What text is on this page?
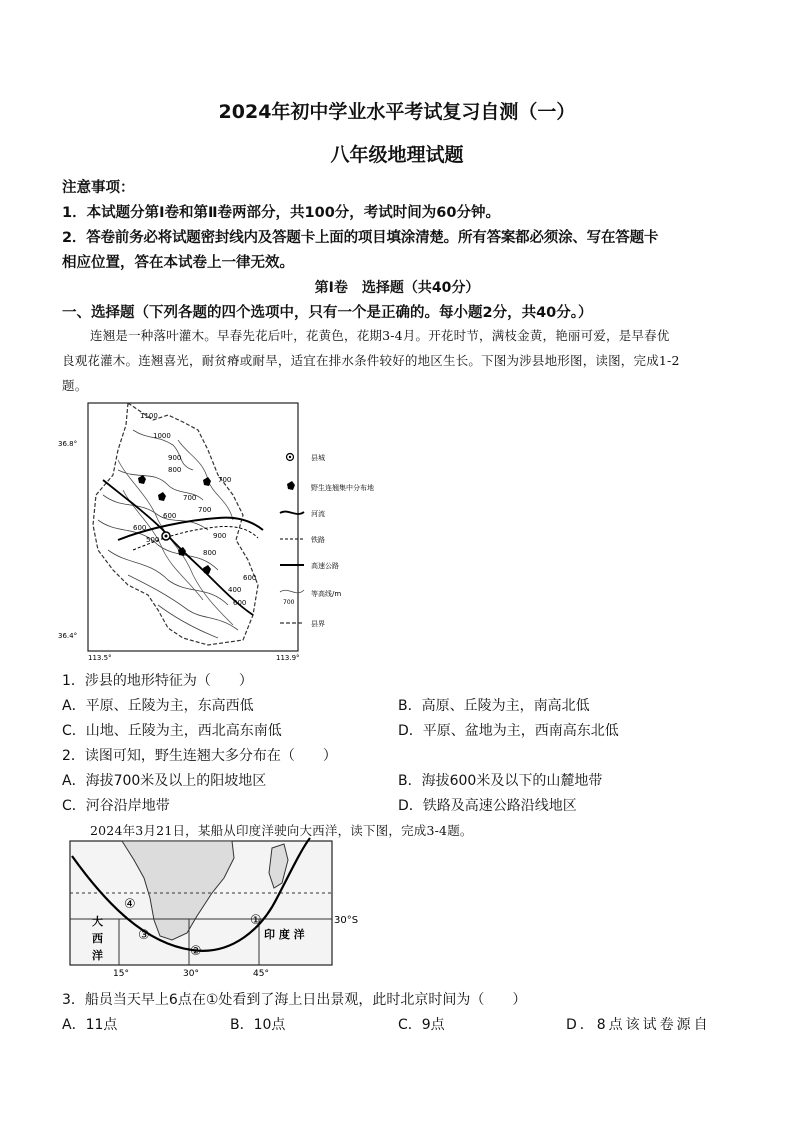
2024年初中学业水平考试复习自测（一）
八年级地理试题
注意事项：
1．本试题分第Ⅰ卷和第Ⅱ卷两部分，共100分，考试时间为60分钟。
2．答卷前务必将试题密封线内及答题卡上面的项目填涂清楚。所有答案都必须涂、写在答题卡
相应位置，答在本试卷上一律无效。
第Ⅰ卷　选择题（共40分）
一、选择题（下列各题的四个选项中，只有一个是正确的。每小题2分，共40分。）
连翘是一种落叶灌木。早春先花后叶，花黄色，花期3-4月。开花时节，满枝金黄，艳丽可爱，是早春优
良观花灌木。连翘喜光，耐贫瘠或耐旱，适宜在排水条件较好的地区生长。下图为涉县地形图，读图，完成1-2
题。
1100
1000
900
800
700
600
500	900
800
700
600
400
600
700
600
36.8°
36.4°
113.5°	113.9°
县城
野生连翘集中分布地
河流
铁路
高速公路
700
等高线/m
县界
1．涉县的地形特征为（　　）
A．平原、丘陵为主，东高西低	B．高原、丘陵为主，南高北低
C．山地、丘陵为主，西北高东南低	D．平原、盆地为主，西南高东北低
2．读图可知，野生连翘大多分布在（　　）
A．海拔700米及以上的阳坡地区	B．海拔600米及以下的山麓地带
C．河谷沿岸地带	D．铁路及高速公路沿线地区
2024年3月21日，某船从印度洋驶向大西洋，读下图，完成3-4题。
④
③
②
①
大
西
洋
印 度 洋
30°S
15°	30°	45°
3．船员当天早上6点在①处看到了海上日出景观，此时北京时间为（　　）
A．11点	B．10点	C．9点	D．8点该试卷源自
